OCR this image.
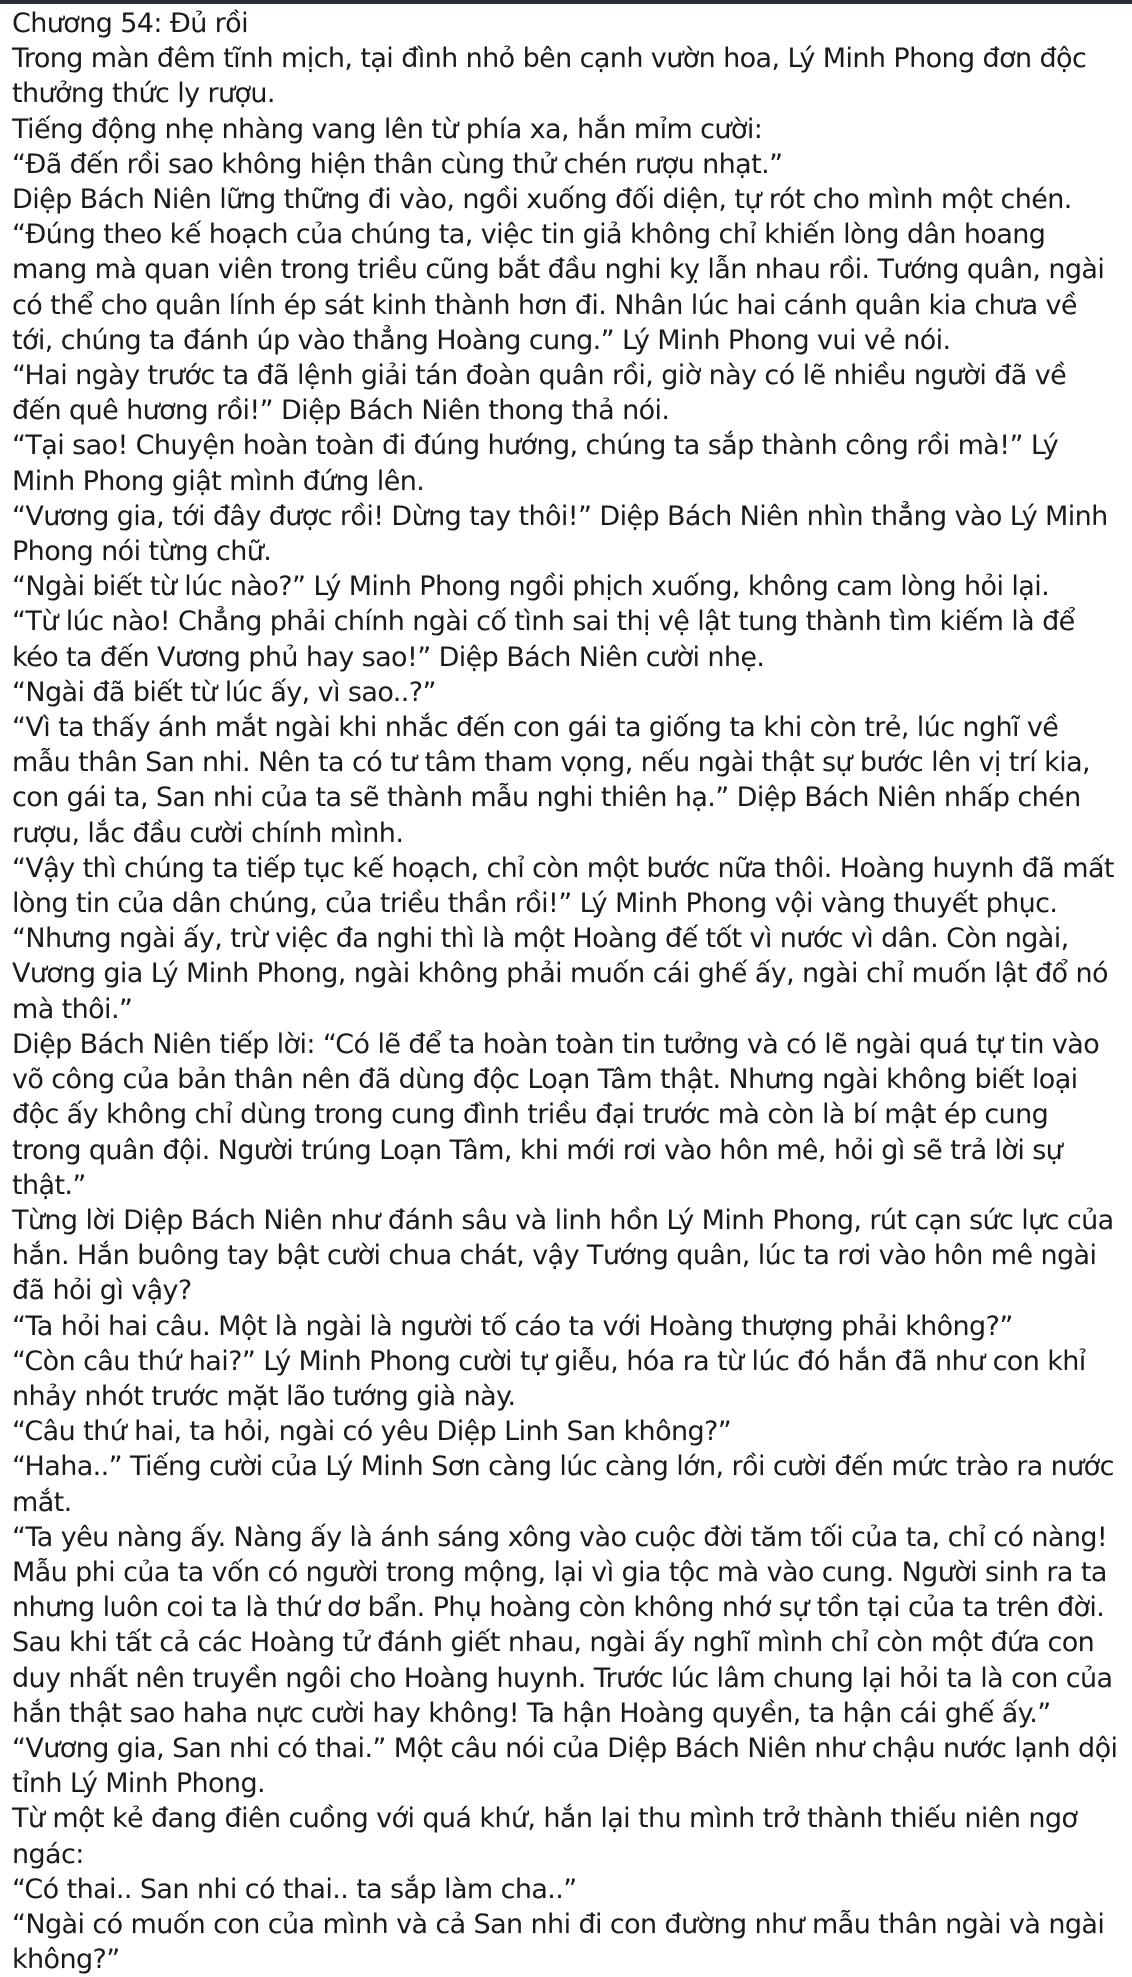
Chương 54: Đủ rồi

Trong màn đêm tĩnh mịch, tại đình nhỏ bên cạnh vườn hoa, Lý Minh Phong đơn độc thưởng thức ly rượu.

Tiếng động nhẹ nhàng vang lên từ phía xa, hắn mỉm cười:

“Đã đến rồi sao không hiện thân cùng thử chén rượu nhạt.”

Diệp Bách Niên lững thững đi vào, ngồi xuống đối diện, tự rót cho mình một chén.

“Đúng theo kế hoạch của chúng ta, việc tin giả không chỉ khiến lòng dân hoang mang mà quan viên trong triều cũng bắt đầu nghi kỵ lẫn nhau rồi. Tướng quân, ngài có thể cho quân lính ép sát kinh thành hơn đi. Nhân lúc hai cánh quân kia chưa về tới, chúng ta đánh úp vào thẳng Hoàng cung.” Lý Minh Phong vui vẻ nói.

“Hai ngày trước ta đã lệnh giải tán đoàn quân rồi, giờ này có lẽ nhiều người đã về đến quê hương rồi!” Diệp Bách Niên thong thả nói.

“Tại sao! Chuyện hoàn toàn đi đúng hướng, chúng ta sắp thành công rồi mà!” Lý Minh Phong giật mình đứng lên.

“Vương gia, tới đây được rồi! Dừng tay thôi!” Diệp Bách Niên nhìn thẳng vào Lý Minh Phong nói từng chữ.

“Ngài biết từ lúc nào?” Lý Minh Phong ngồi phịch xuống, không cam lòng hỏi lại.

“Từ lúc nào! Chẳng phải chính ngài cố tình sai thị vệ lật tung thành tìm kiếm là để kéo ta đến Vương phủ hay sao!” Diệp Bách Niên cười nhẹ.

“Ngài đã biết từ lúc ấy, vì sao..?”

“Vì ta thấy ánh mắt ngài khi nhắc đến con gái ta giống ta khi còn trẻ, lúc nghĩ về mẫu thân San nhi. Nên ta có tư tâm tham vọng, nếu ngài thật sự bước lên vị trí kia, con gái ta, San nhi của ta sẽ thành mẫu nghi thiên hạ.” Diệp Bách Niên nhấp chén rượu, lắc đầu cười chính mình.

“Vậy thì chúng ta tiếp tục kế hoạch, chỉ còn một bước nữa thôi. Hoàng huynh đã mất lòng tin của dân chúng, của triều thần rồi!” Lý Minh Phong vội vàng thuyết phục.

“Nhưng ngài ấy, trừ việc đa nghi thì là một Hoàng đế tốt vì nước vì dân. Còn ngài, Vương gia Lý Minh Phong, ngài không phải muốn cái ghế ấy, ngài chỉ muốn lật đổ nó mà thôi.”

Diệp Bách Niên tiếp lời: “Có lẽ để ta hoàn toàn tin tưởng và có lẽ ngài quá tự tin vào võ công của bản thân nên đã dùng độc Loạn Tâm thật. Nhưng ngài không biết loại độc ấy không chỉ dùng trong cung đình triều đại trước mà còn là bí mật ép cung trong quân đội. Người trúng Loạn Tâm, khi mới rơi vào hôn mê, hỏi gì sẽ trả lời sự thật.”

Từng lời Diệp Bách Niên như đánh sâu và linh hồn Lý Minh Phong, rút cạn sức lực của hắn. Hắn buông tay bật cười chua chát, vậy Tướng quân, lúc ta rơi vào hôn mê ngài đã hỏi gì vậy?

“Ta hỏi hai câu. Một là ngài là người tố cáo ta với Hoàng thượng phải không?”

“Còn câu thứ hai?” Lý Minh Phong cười tự giễu, hóa ra từ lúc đó hắn đã như con khỉ nhảy nhót trước mặt lão tướng già này.

“Câu thứ hai, ta hỏi, ngài có yêu Diệp Linh San không?”

“Haha..” Tiếng cười của Lý Minh Sơn càng lúc càng lớn, rồi cười đến mức trào ra nước mắt.

“Ta yêu nàng ấy. Nàng ấy là ánh sáng xông vào cuộc đời tăm tối của ta, chỉ có nàng! Mẫu phi của ta vốn có người trong mộng, lại vì gia tộc mà vào cung. Người sinh ra ta nhưng luôn coi ta là thứ dơ bẩn. Phụ hoàng còn không nhớ sự tồn tại của ta trên đời. Sau khi tất cả các Hoàng tử đánh giết nhau, ngài ấy nghĩ mình chỉ còn một đứa con duy nhất nên truyền ngôi cho Hoàng huynh. Trước lúc lâm chung lại hỏi ta là con của hắn thật sao haha nực cười hay không! Ta hận Hoàng quyền, ta hận cái ghế ấy.”

“Vương gia, San nhi có thai.” Một câu nói của Diệp Bách Niên như chậu nước lạnh dội tỉnh Lý Minh Phong.

Từ một kẻ đang điên cuồng với quá khứ, hắn lại thu mình trở thành thiếu niên ngơ ngác:

“Có thai.. San nhi có thai.. ta sắp làm cha..”

“Ngài có muốn con của mình và cả San nhi đi con đường như mẫu thân ngài và ngài không?”
